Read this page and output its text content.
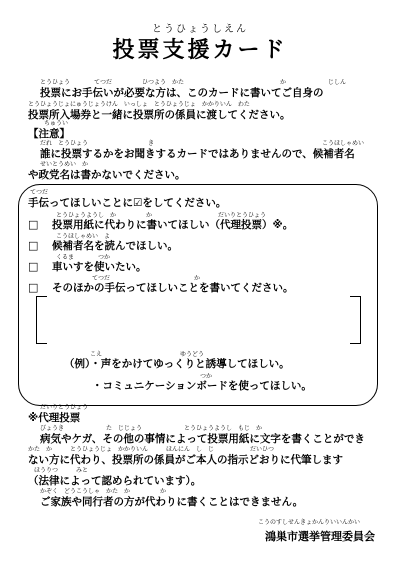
とうひょうしえん
投票支援カード
とうひょう　　　　てつだ　　　　　ひつよう　かた　　　　　　　　　　　　　　　　か　　　　　　　じしん
投票にお手伝いが必要な方は、このカードに書いてご自身の
とうひょうじょにゅうじょうけん　いっしょ　とうひょうじょ　かかりいん　わた
投票所入場券と一緒に投票所の係員に渡してください。
ちゅうい
【注意】
だれ　とうひょう　　　　　　　　　　き　　　　　　　　　　　　　　　　　　　　　　　　　　　　こうほしゃめい
誰に投票するかをお聞きするカードではありませんので、候補者名
せいとうめい　か
や政党名は書かないでください。
てつだ
手伝ってほしいことに☑をしてください。
とうひょうようし　か　　　　　か　　　　　　　　　　　だいりとうひょう
□ 投票用紙に代わりに書いてほしい（代理投票）※。
こうほしゃめい　よ
□ 候補者名を読んでほしい。
くるま　　　　つか
□ 車いすを使いたい。
　　　　　　てつだ　　　　　　　　　　　　　　か
□ そのほかの手伝ってほしいことを書いてください。
こえ　　　　　　　　　　　　　ゆうどう
（例）・声をかけてゆっくりと誘導してほしい。
つか
・コミュニケーションボードを使ってほしい。
だいりとうひょう
※代理投票
びょうき　　　　　　　た　じじょう　　　　　　　とうひょうようし　もじ　か
病気やケガ、その他の事情によって投票用紙に文字を書くことができ
かた　か　　　とうひょうじょ　かかりいん　　　ほんにん　し　じ　　　　　　だいひつ
ない方に代わり、投票所の係員がご本人の指示どおりに代筆します
ほうりつ　　　みと
（法律によって認められています）。
かぞく　どうこうしゃ　かた　か　　　　　か
ご家族や同行者の方が代わりに書くことはできません。
こうのすしせんきょかんりいいんかい
鴻巣市選挙管理委員会
